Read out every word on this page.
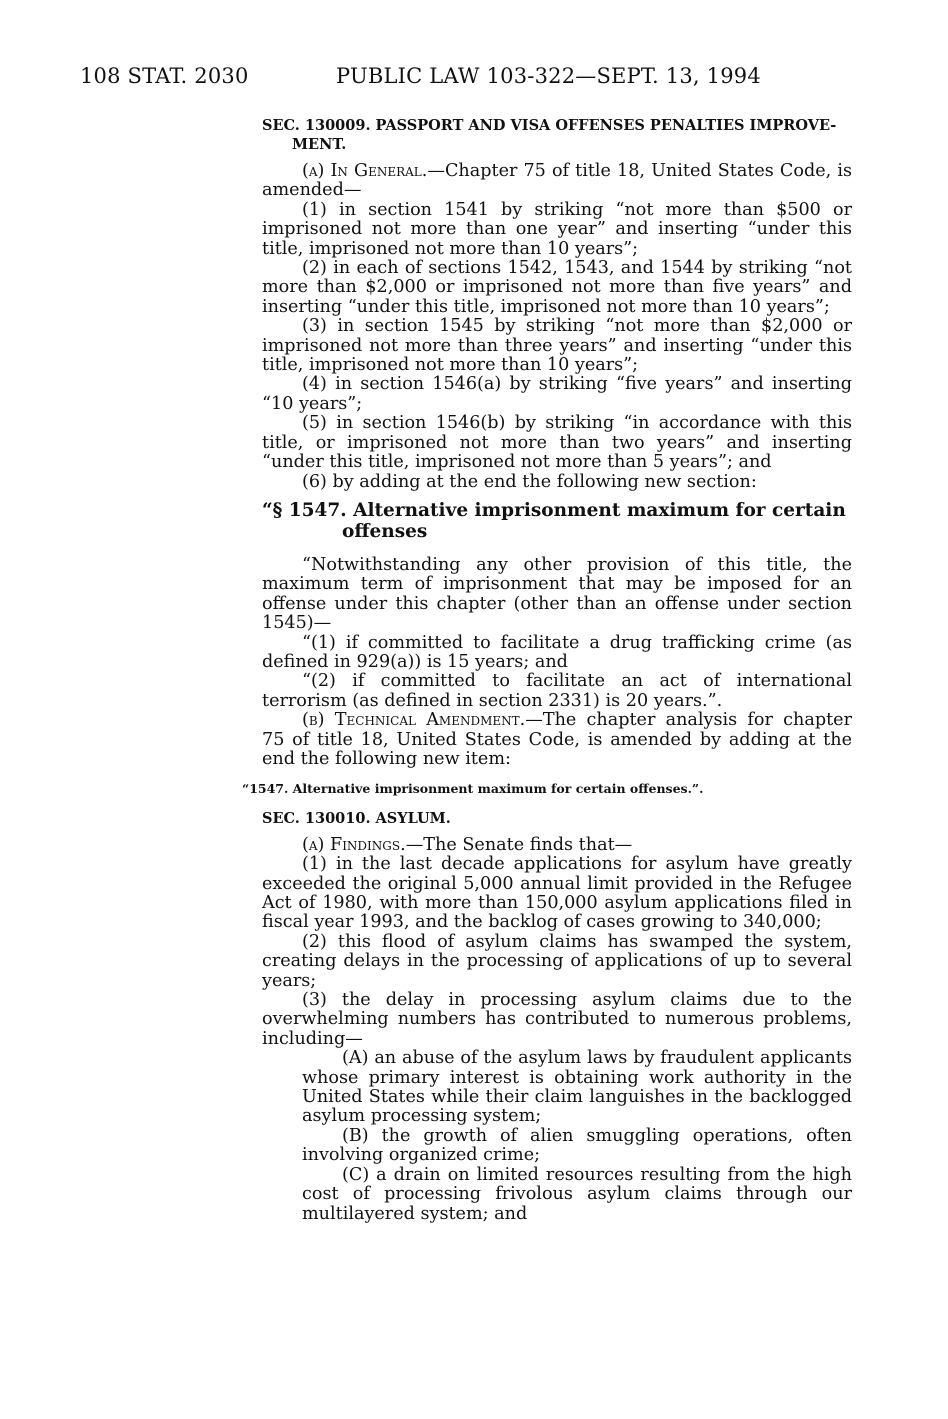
108 STAT. 2030	PUBLIC LAW 103-322—SEPT. 13, 1994
SEC. 130009. PASSPORT AND VISA OFFENSES PENALTIES IMPROVE-MENT.

(a) In General.—Chapter 75 of title 18, United States Code, is amended—

(1) in section 1541 by striking “not more than $500 or imprisoned not more than one year” and inserting “under this title, imprisoned not more than 10 years”;

(2) in each of sections 1542, 1543, and 1544 by striking “not more than $2,000 or imprisoned not more than five years” and inserting “under this title, imprisoned not more than 10 years”;

(3) in section 1545 by striking “not more than $2,000 or imprisoned not more than three years” and inserting “under this title, imprisoned not more than 10 years”;

(4) in section 1546(a) by striking “five years” and inserting “10 years”;

(5) in section 1546(b) by striking “in accordance with this title, or imprisoned not more than two years” and inserting “under this title, imprisoned not more than 5 years”; and

(6) by adding at the end the following new section:

“§ 1547. Alternative imprisonment maximum for certain offenses

“Notwithstanding any other provision of this title, the maximum term of imprisonment that may be imposed for an offense under this chapter (other than an offense under section 1545)—

“(1) if committed to facilitate a drug trafficking crime (as defined in 929(a)) is 15 years; and

“(2) if committed to facilitate an act of international terrorism (as defined in section 2331) is 20 years.”.

(b) Technical Amendment.—The chapter analysis for chapter 75 of title 18, United States Code, is amended by adding at the end the following new item:

“1547. Alternative imprisonment maximum for certain offenses.”.
SEC. 130010. ASYLUM.

(a) Findings.—The Senate finds that—

(1) in the last decade applications for asylum have greatly exceeded the original 5,000 annual limit provided in the Refugee Act of 1980, with more than 150,000 asylum applications filed in fiscal year 1993, and the backlog of cases growing to 340,000;

(2) this flood of asylum claims has swamped the system, creating delays in the processing of applications of up to several years;

(3) the delay in processing asylum claims due to the overwhelming numbers has contributed to numerous problems, including—

(A) an abuse of the asylum laws by fraudulent applicants whose primary interest is obtaining work authority in the United States while their claim languishes in the backlogged asylum processing system;

(B) the growth of alien smuggling operations, often involving organized crime;

(C) a drain on limited resources resulting from the high cost of processing frivolous asylum claims through our multilayered system; and
